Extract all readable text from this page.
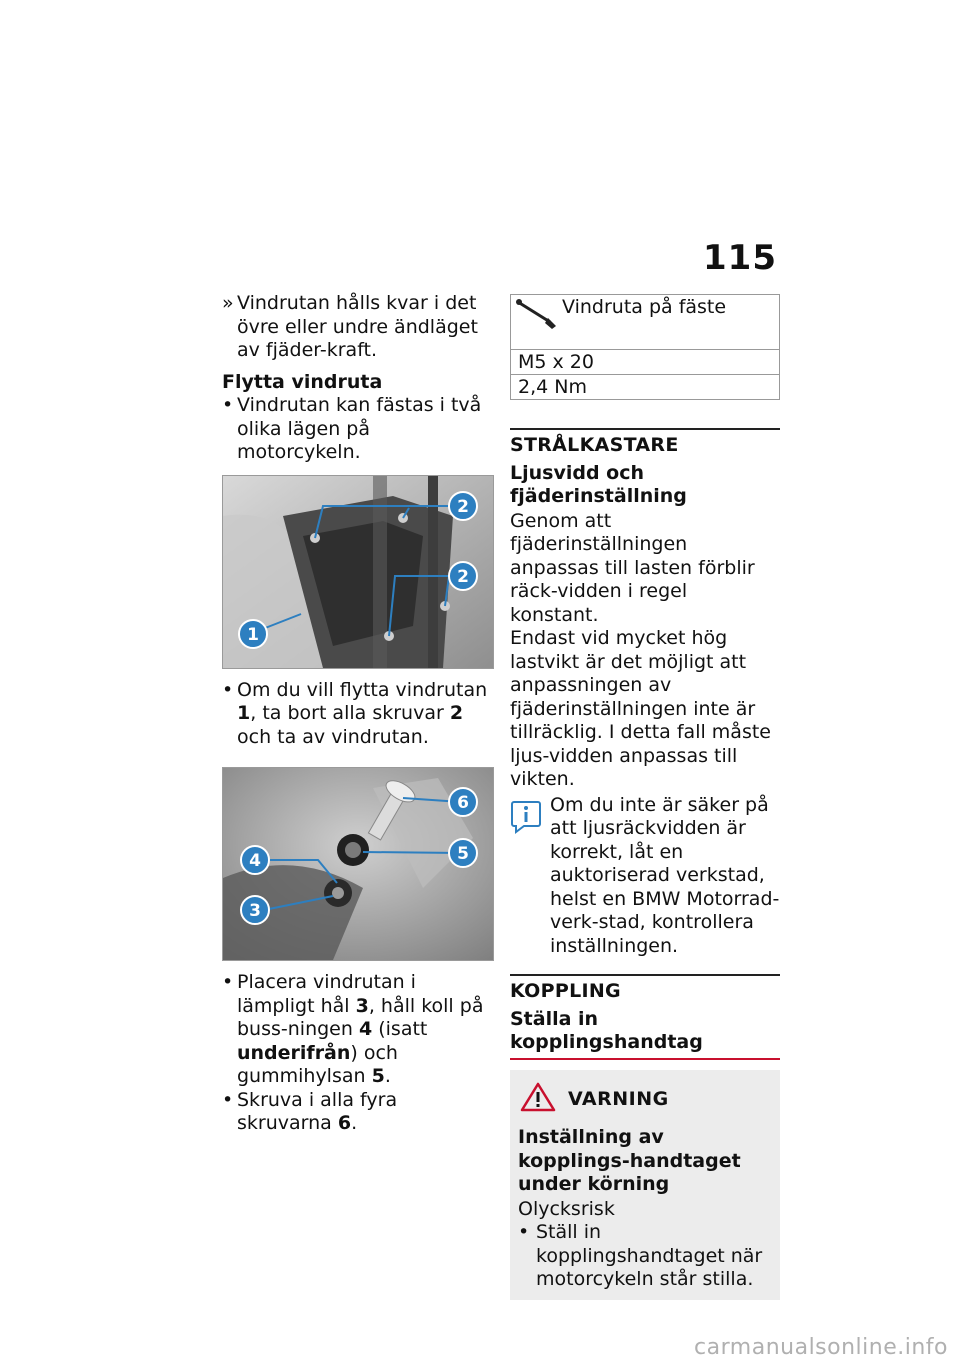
115
» Vindrutan hålls kvar i det övre eller undre ändläget av fjäder-kraft.

Flytta vindruta

• Vindrutan kan fästas i två olika lägen på motorcykeln.
2
2
1
• Om du vill flytta vindrutan 1, ta bort alla skruvar 2 och ta av vindrutan.
6
5
4
3
• Placera vindrutan i lämpligt hål 3, håll koll på buss-ningen 4 (isatt underifrån) och gummihylsan 5.
• Skruva i alla fyra skruvarna 6.
Vindruta på fäste
M5 x 20
2,4 Nm

STRÅLKASTARE

Ljusvidd och fjäderinställning

Genom att fjäderinställningen anpassas till lasten förblir räck-vidden i regel konstant.

Endast vid mycket hög lastvikt är det möjligt att anpassningen av fjäderinställningen inte är tillräcklig. I detta fall måste ljus-vidden anpassas till vikten.

Om du inte är säker på att ljusräckvidden är korrekt, låt en auktoriserad verkstad, helst en BMW Motorrad-verk-stad, kontrollera inställningen.

KOPPLING

Ställa in kopplingshandtag

VARNING

Inställning av kopplings-handtaget under körning

Olycksrisk

• Ställ in kopplingshandtaget när motorcykeln står stilla.
carmanualsonline.info
